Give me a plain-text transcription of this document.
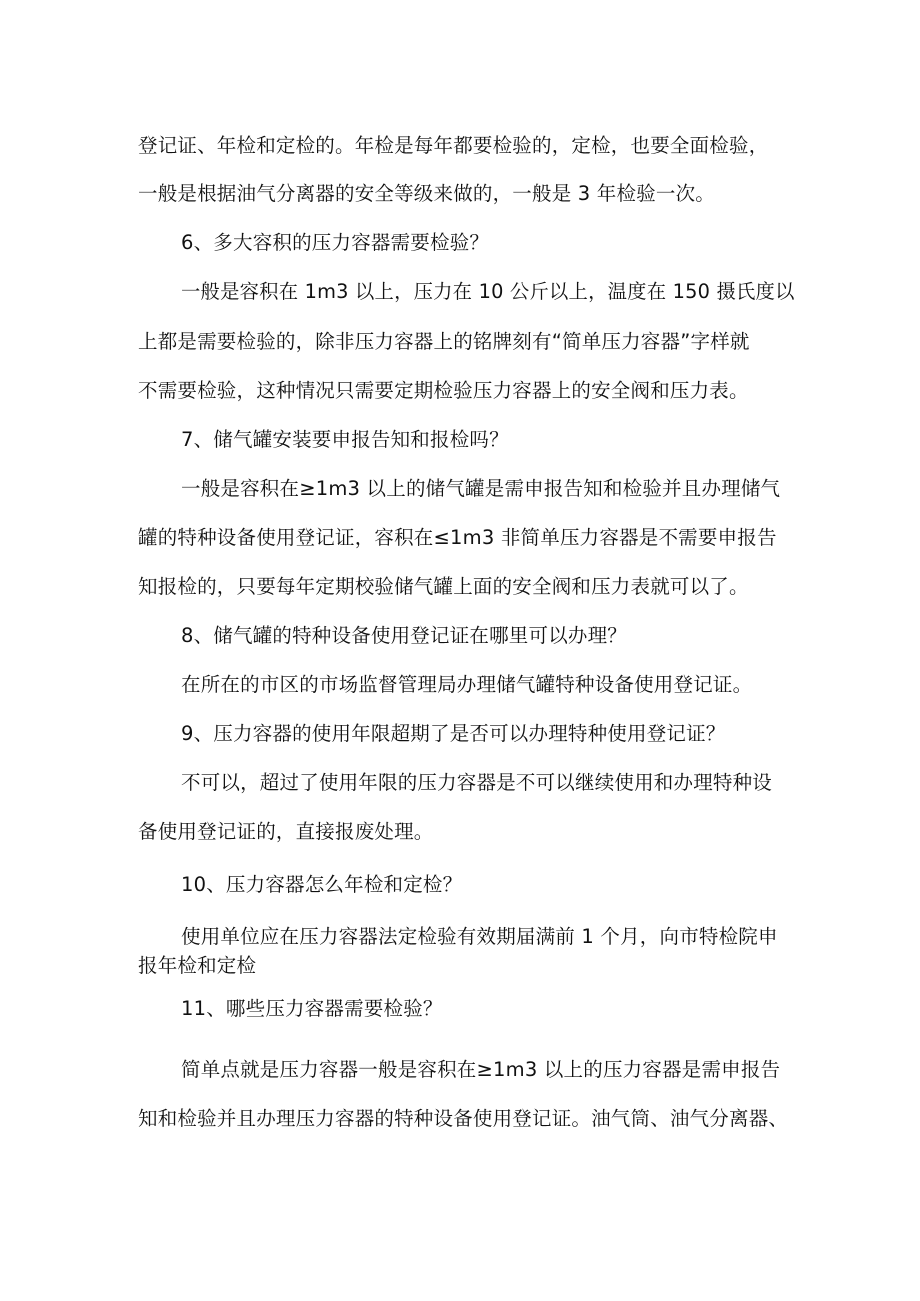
登记证、年检和定检的。年检是每年都要检验的，定检，也要全面检验，
一般是根据油气分离器的安全等级来做的，一般是 3 年检验一次。
6、多大容积的压力容器需要检验？
一般是容积在 1m3 以上，压力在 10 公斤以上，温度在 150 摄氏度以
上都是需要检验的，除非压力容器上的铭牌刻有“简单压力容器”字样就
不需要检验，这种情况只需要定期检验压力容器上的安全阀和压力表。
7、储气罐安装要申报告知和报检吗？
一般是容积在≥1m3 以上的储气罐是需申报告知和检验并且办理储气
罐的特种设备使用登记证，容积在≤1m3 非简单压力容器是不需要申报告
知报检的，只要每年定期校验储气罐上面的安全阀和压力表就可以了。
8、储气罐的特种设备使用登记证在哪里可以办理？
在所在的市区的市场监督管理局办理储气罐特种设备使用登记证。
9、压力容器的使用年限超期了是否可以办理特种使用登记证？
不可以，超过了使用年限的压力容器是不可以继续使用和办理特种设
备使用登记证的，直接报废处理。
10、压力容器怎么年检和定检？
使用单位应在压力容器法定检验有效期届满前 1 个月，向市特检院申
报年检和定检
11、哪些压力容器需要检验？
简单点就是压力容器一般是容积在≥1m3 以上的压力容器是需申报告
知和检验并且办理压力容器的特种设备使用登记证。油气筒、油气分离器、
